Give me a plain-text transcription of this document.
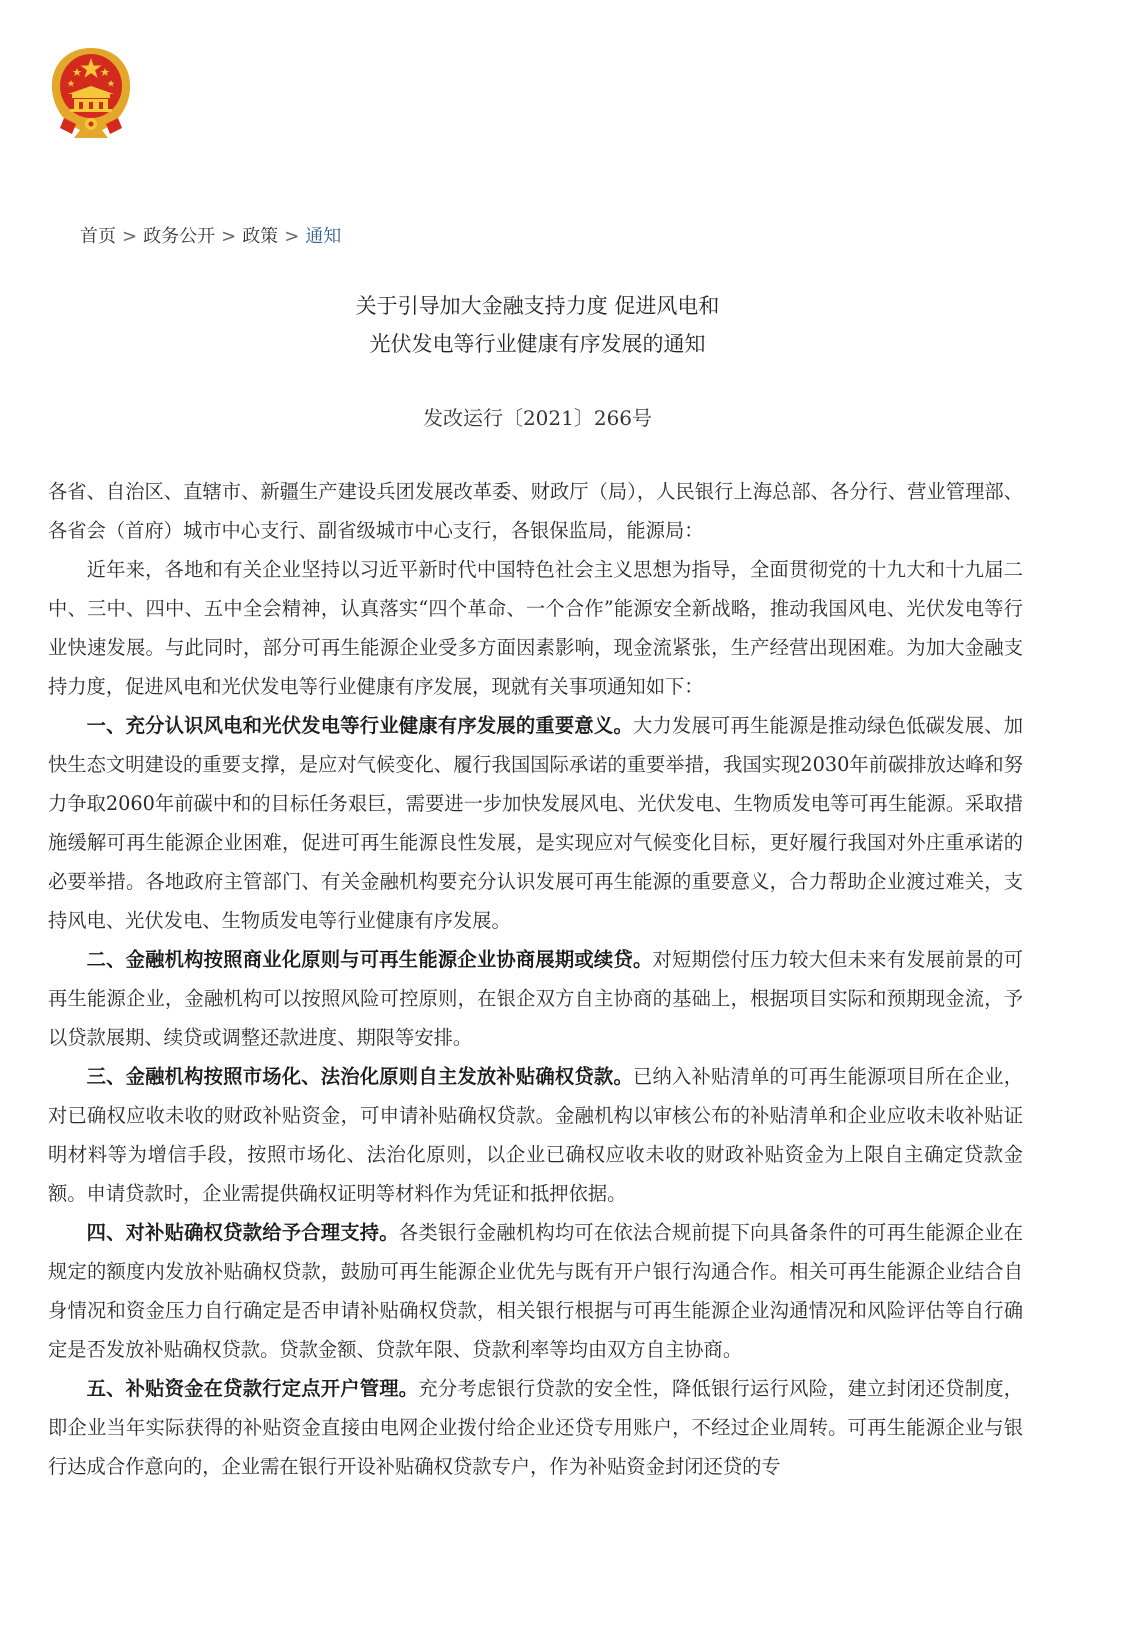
首页 > 政务公开 > 政策 > 通知
关于引导加大金融支持力度 促进风电和
光伏发电等行业健康有序发展的通知
发改运行〔2021〕266号

各省、自治区、直辖市、新疆生产建设兵团发展改革委、财政厅（局），人民银行上海总部、各分行、营业管理部、各省会（首府）城市中心支行、副省级城市中心支行，各银保监局，能源局：

近年来，各地和有关企业坚持以习近平新时代中国特色社会主义思想为指导，全面贯彻党的十九大和十九届二中、三中、四中、五中全会精神，认真落实“四个革命、一个合作”能源安全新战略，推动我国风电、光伏发电等行业快速发展。与此同时，部分可再生能源企业受多方面因素影响，现金流紧张，生产经营出现困难。为加大金融支持力度，促进风电和光伏发电等行业健康有序发展，现就有关事项通知如下：

一、充分认识风电和光伏发电等行业健康有序发展的重要意义。大力发展可再生能源是推动绿色低碳发展、加快生态文明建设的重要支撑，是应对气候变化、履行我国国际承诺的重要举措，我国实现2030年前碳排放达峰和努力争取2060年前碳中和的目标任务艰巨，需要进一步加快发展风电、光伏发电、生物质发电等可再生能源。采取措施缓解可再生能源企业困难，促进可再生能源良性发展，是实现应对气候变化目标，更好履行我国对外庄重承诺的必要举措。各地政府主管部门、有关金融机构要充分认识发展可再生能源的重要意义，合力帮助企业渡过难关，支持风电、光伏发电、生物质发电等行业健康有序发展。

二、金融机构按照商业化原则与可再生能源企业协商展期或续贷。对短期偿付压力较大但未来有发展前景的可再生能源企业，金融机构可以按照风险可控原则，在银企双方自主协商的基础上，根据项目实际和预期现金流，予以贷款展期、续贷或调整还款进度、期限等安排。

三、金融机构按照市场化、法治化原则自主发放补贴确权贷款。已纳入补贴清单的可再生能源项目所在企业，对已确权应收未收的财政补贴资金，可申请补贴确权贷款。金融机构以审核公布的补贴清单和企业应收未收补贴证明材料等为增信手段，按照市场化、法治化原则，以企业已确权应收未收的财政补贴资金为上限自主确定贷款金额。申请贷款时，企业需提供确权证明等材料作为凭证和抵押依据。

四、对补贴确权贷款给予合理支持。各类银行金融机构均可在依法合规前提下向具备条件的可再生能源企业在规定的额度内发放补贴确权贷款，鼓励可再生能源企业优先与既有开户银行沟通合作。相关可再生能源企业结合自身情况和资金压力自行确定是否申请补贴确权贷款，相关银行根据与可再生能源企业沟通情况和风险评估等自行确定是否发放补贴确权贷款。贷款金额、贷款年限、贷款利率等均由双方自主协商。

五、补贴资金在贷款行定点开户管理。充分考虑银行贷款的安全性，降低银行运行风险，建立封闭还贷制度，即企业当年实际获得的补贴资金直接由电网企业拨付给企业还贷专用账户，不经过企业周转。可再生能源企业与银行达成合作意向的，企业需在银行开设补贴确权贷款专户，作为补贴资金封闭还贷的专
